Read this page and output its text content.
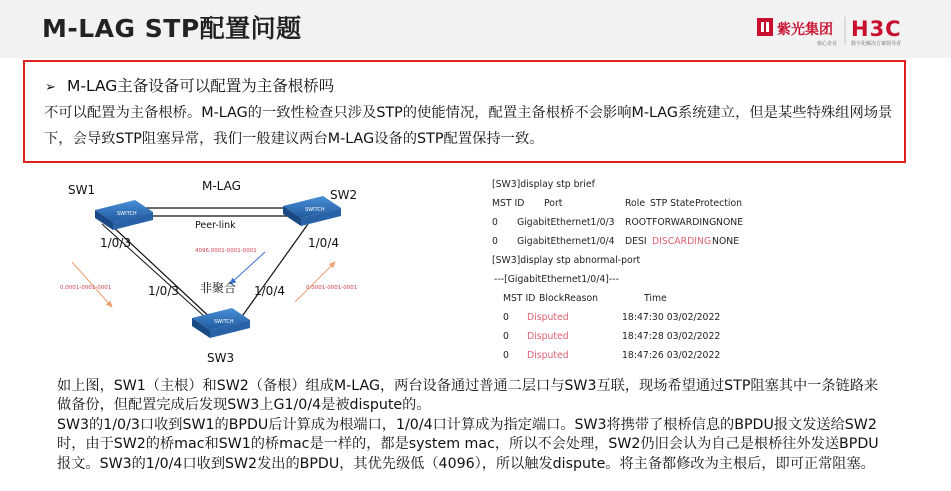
M-LAG STP配置问题	紫光集团
核心企业
H3C
数字化解决方案领导者
➢ M-LAG主备设备可以配置为主备根桥吗
不可以配置为主备根桥。M-LAG的一致性检查只涉及STP的使能情况，配置主备根桥不会影响M-LAG系统建立，但是某些特殊组网场景下，会导致STP阻塞异常，我们一般建议两台M-LAG设备的STP配置保持一致。
SWITCH
SWITCH
SWITCH
SW1	SW2
M-LAG
Peer-link
4096.0001-0001-0001
1/0/3	1/0/4
1/0/3	1/0/4
非聚合
0.0001-0001-0001	0.0001-0001-0001
SW3
[SW3]display stp brief
MST ID Port	Role STP State Protection
0 GigabitEthernet1/0/3 ROOT FORWARDING NONE
0 GigabitEthernet1/0/4 DESI DISCARDING NONE
[SW3]display stp abnormal-port
---[GigabitEthernet1/0/4]---
MST ID BlockReason	Time
0 Disputed	18:47:30 03/02/2022
0 Disputed	18:47:28 03/02/2022
0 Disputed	18:47:26 03/02/2022

如上图，SW1（主根）和SW2（备根）组成M-LAG，两台设备通过普通二层口与SW3互联，现场希望通过STP阻塞其中一条链路来做备份，但配置完成后发现SW3上G1/0/4是被dispute的。

SW3的1/0/3口收到SW1的BPDU后计算成为根端口，1/0/4口计算成为指定端口。SW3将携带了根桥信息的BPDU报文发送给SW2时，由于SW2的桥mac和SW1的桥mac是一样的，都是system mac，所以不会处理，SW2仍旧会认为自己是根桥往外发送BPDU报文。SW3的1/0/4口收到SW2发出的BPDU，其优先级低（4096），所以触发dispute。将主备都修改为主根后，即可正常阻塞。
